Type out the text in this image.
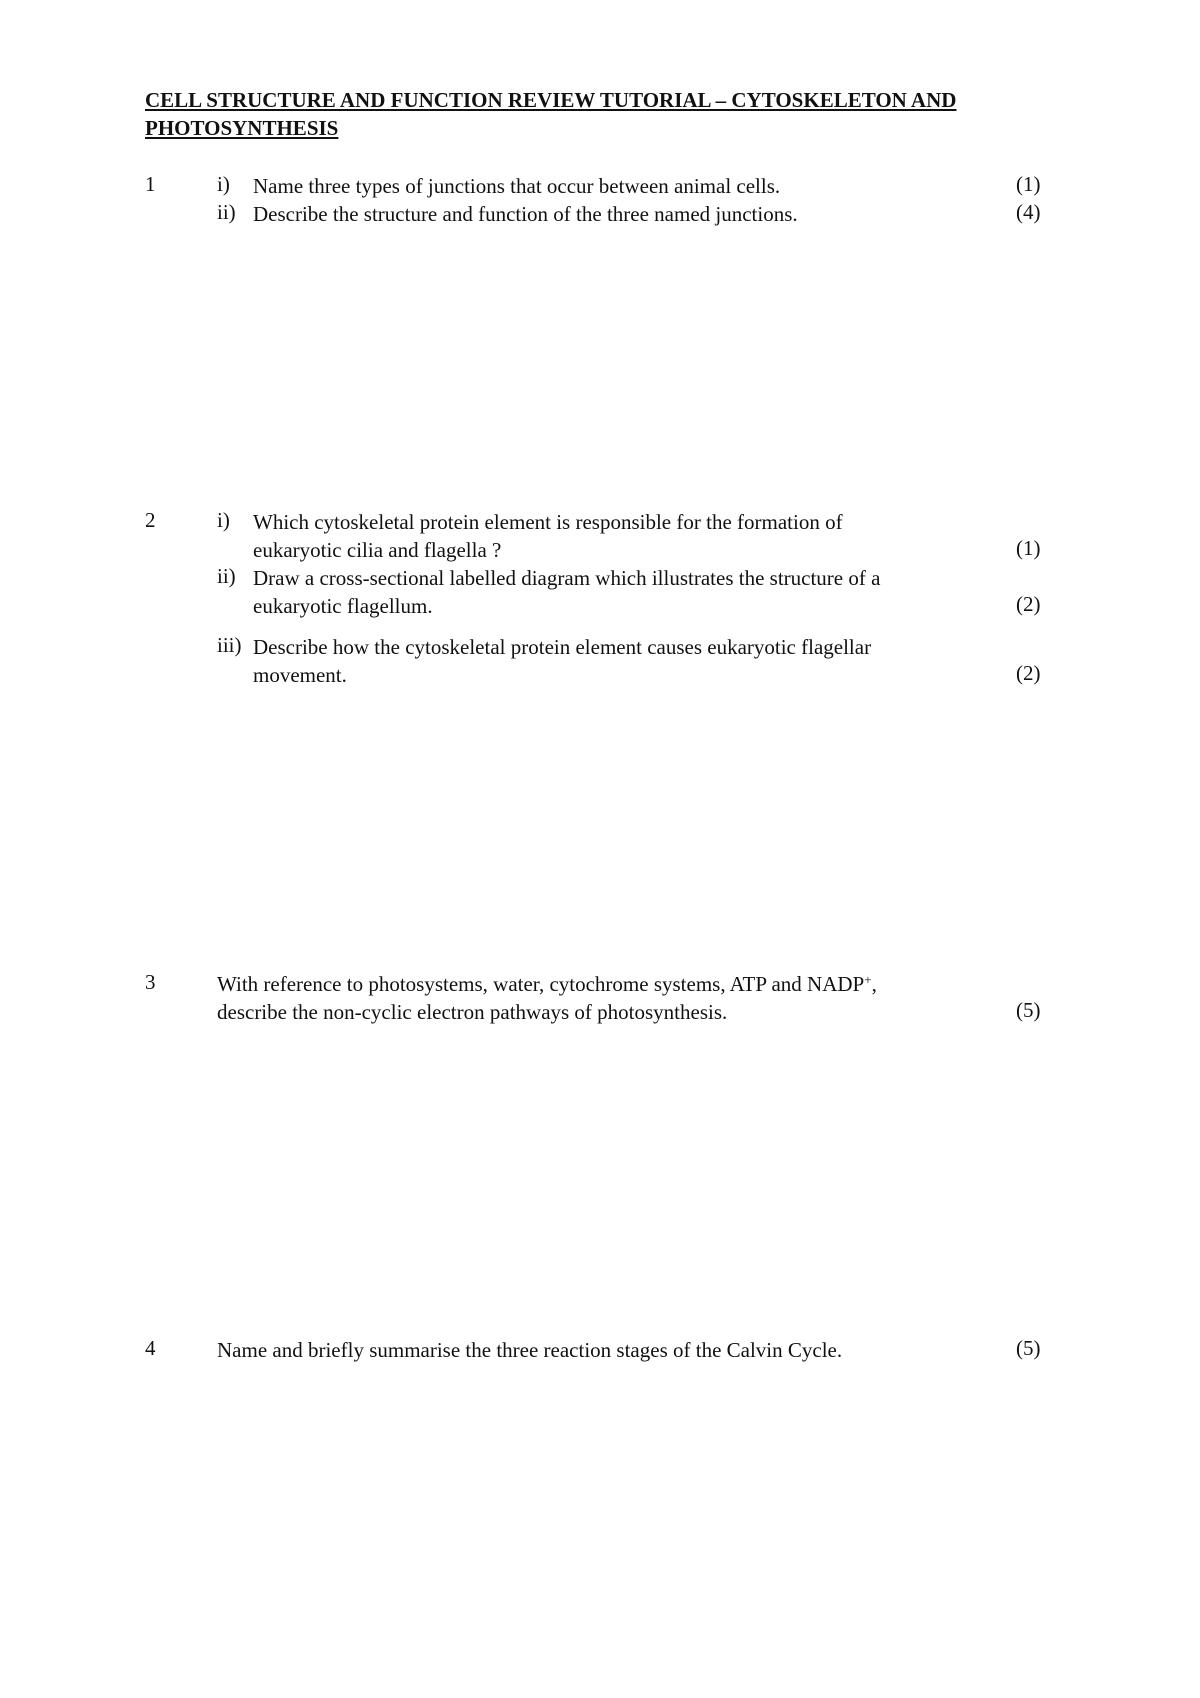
CELL STRUCTURE AND FUNCTION REVIEW TUTORIAL – CYTOSKELETON AND PHOTOSYNTHESIS
1	i) Name three types of junctions that occur between animal cells.	(1)
ii) Describe the structure and function of the three named junctions.	(4)
2	i) Which cytoskeletal protein element is responsible for the formation of
eukaryotic cilia and flagella ?	(1)
ii) Draw a cross-sectional labelled diagram which illustrates the structure of a
eukaryotic flagellum.	(2)
iii) Describe how the cytoskeletal protein element causes eukaryotic flagellar
movement.	(2)
3	With reference to photosystems, water, cytochrome systems, ATP and NADP+,
describe the non-cyclic electron pathways of photosynthesis.	(5)
4	Name and briefly summarise the three reaction stages of the Calvin Cycle.	(5)
